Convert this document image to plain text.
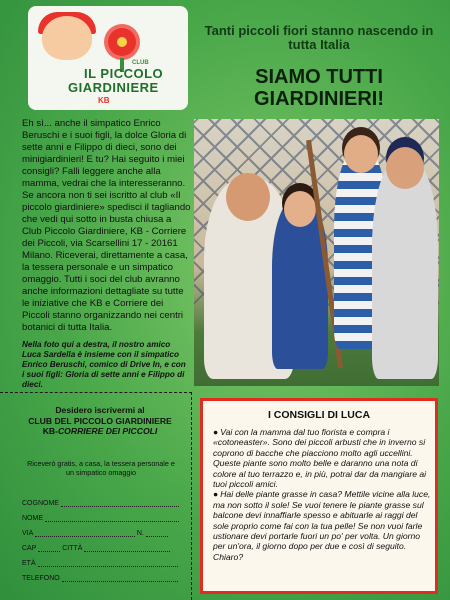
CLUB
IL PICCOLO
GIARDINIERE
KB
Tanti piccoli fiori stanno nascendo in tutta Italia
SIAMO TUTTI GIARDINIERI!
Eh sì... anche il simpatico Enrico Beruschi e i suoi figli, la dolce Gloria di sette anni e Filippo di dieci, sono dei minigiardinieri! E tu? Hai seguito i miei consigli? Falli leggere anche alla mamma, vedrai che la interesseranno. Se ancora non ti sei iscritto al club «Il piccolo giardiniere» spedisci il tagliando che vedi qui sotto in busta chiusa a Club Piccolo Giardiniere, KB - Corriere dei Piccoli, via Scarsellini 17 - 20161 Milano. Riceverai, direttamente a casa, la tessera personale e un simpatico omaggio. Tutti i soci del club avranno anche informazioni dettagliate su tutte le iniziative che KB e Corriere dei Piccoli stanno organizzando nei centri botanici di tutta Italia.
Nella foto qui a destra, il nostro amico Luca Sardella è insieme con il simpatico Enrico Beruschi, comico di Drive In, e con i suoi figli: Gloria di sette anni e Filippo di dieci.
Desidero iscrivermi al
CLUB DEL PICCOLO GIARDINIERE
KB-CORRIERE DEI PICCOLI
Riceverò gratis, a casa, la tessera personale e un simpatico omaggio
COGNOME
NOME
VIA	N.
CAP	CITTÀ
ETÀ
TELEFONO
I CONSIGLI DI LUCA
● Vai con la mamma dal tuo fiorista e compra i «cotoneaster». Sono dei piccoli arbusti che in inverno si coprono di bacche che piacciono molto agli uccellini. Queste piante sono molto belle e daranno una nota di colore al tuo terrazzo e, in più, potrai dar da mangiare ai tuoi piccoli amici.
● Hai delle piante grasse in casa? Mettile vicine alla luce, ma non sotto il sole! Se vuoi tenere le piante grasse sul balcone devi innaffiarle spesso e abituarle ai raggi del sole proprio come fai con la tua pelle! Se non vuoi farle ustionare devi portarle fuori un po' per volta. Un giorno per un'ora, il giorno dopo per due e così di seguito. Chiaro?
